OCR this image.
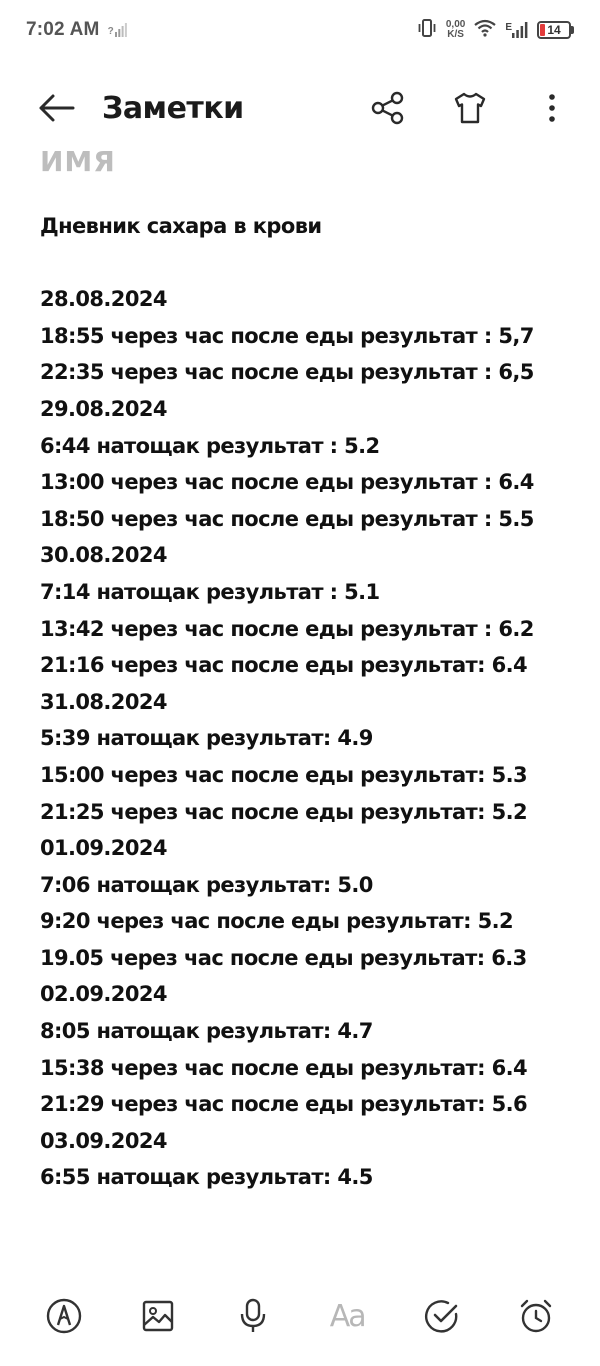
7:02 AM ?
0,00
K/S
E	14
Заметки
ИМЯ
Дневник сахара в крови
28.08.2024
18:55 через час после еды результат : 5,7
22:35 через час после еды результат : 6,5
29.08.2024
6:44 натощак результат : 5.2
13:00 через час после еды результат : 6.4
18:50 через час после еды результат : 5.5
30.08.2024
7:14 натощак результат : 5.1
13:42 через час после еды результат : 6.2
21:16 через час после еды результат: 6.4
31.08.2024
5:39 натощак результат: 4.9
15:00 через час после еды результат: 5.3
21:25 через час после еды результат: 5.2
01.09.2024
7:06 натощак результат: 5.0
9:20 через час после еды результат: 5.2
19.05 через час после еды результат: 6.3
02.09.2024
8:05 натощак результат: 4.7
15:38 через час после еды результат: 6.4
21:29 через час после еды результат: 5.6
03.09.2024
6:55 натощак результат: 4.5
Aa
